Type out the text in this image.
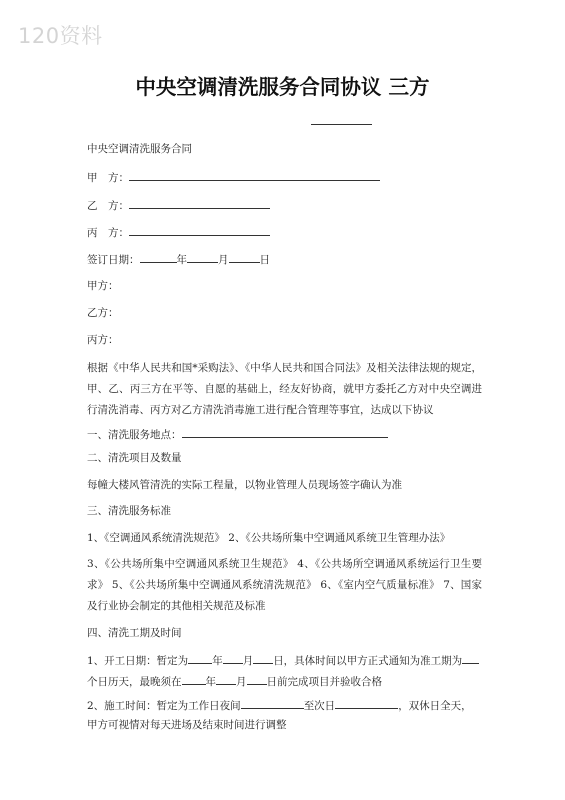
120资料
中央空调清洗服务合同协议 三方
中央空调清洗服务合同
甲　方：
乙　方：
丙　方：
签订日期：	年	月	日
甲方：
乙方：
丙方：
根据《中华人民共和国*采购法》、《中华人民共和国合同法》及相关法律法规的规定，甲、乙、丙三方在平等、自愿的基础上，经友好协商，就甲方委托乙方对中央空调进行清洗消毒、丙方对乙方清洗消毒施工进行配合管理等事宜，达成以下协议
一、清洗服务地点：
二、清洗项目及数量
每幢大楼风管清洗的实际工程量，以物业管理人员现场签字确认为准
三、清洗服务标准
1、《空调通风系统清洗规范》 2、《公共场所集中空调通风系统卫生管理办法》
3、《公共场所集中空调通风系统卫生规范》 4、《公共场所空调通风系统运行卫生要求》 5、《公共场所集中空调通风系统清洗规范》 6、《室内空气质量标准》 7、国家及行业协会制定的其他相关规范及标准
四、清洗工期及时间
1、开工日期：暂定为 年 月 日，具体时间以甲方正式通知为准工期为
个日历天，最晚须在 年 月 日前完成项目并验收合格
2、施工时间：暂定为工作日夜间	至次日	，双休日全天，
甲方可视情对每天进场及结束时间进行调整
